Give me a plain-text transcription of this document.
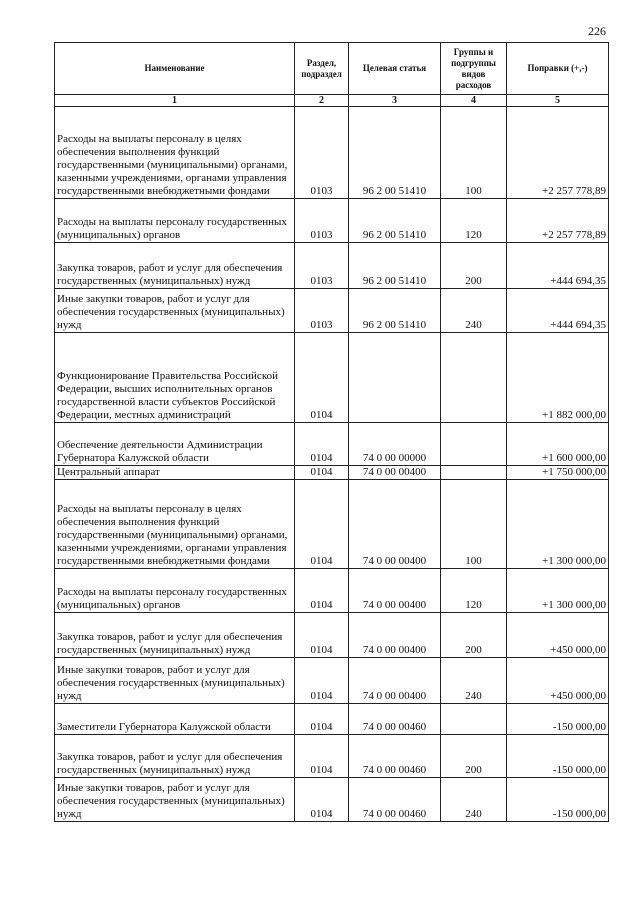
226
Наименование	Раздел, подраздел	Целевая статья	Группы и подгруппы видов расходов	Поправки (+,-)
1	2	3	4	5
Расходы на выплаты персоналу в целях обеспечения выполнения функций государственными (муниципальными) органами, казенными учреждениями, органами управления государственными внебюджетными фондами	0103	96 2 00 51410	100	+2 257 778,89
Расходы на выплаты персоналу государственных (муниципальных) органов	0103	96 2 00 51410	120	+2 257 778,89
Закупка товаров, работ и услуг для обеспечения государственных (муниципальных) нужд	0103	96 2 00 51410	200	+444 694,35
Иные закупки товаров, работ и услуг для обеспечения государственных (муниципальных) нужд	0103	96 2 00 51410	240	+444 694,35
Функционирование Правительства Российской Федерации, высших исполнительных органов государственной власти субъектов Российской Федерации, местных администраций	0104			+1 882 000,00
Обеспечение деятельности Администрации Губернатора Калужской области	0104	74 0 00 00000		+1 600 000,00
Центральный аппарат	0104	74 0 00 00400		+1 750 000,00
Расходы на выплаты персоналу в целях обеспечения выполнения функций государственными (муниципальными) органами, казенными учреждениями, органами управления государственными внебюджетными фондами	0104	74 0 00 00400	100	+1 300 000,00
Расходы на выплаты персоналу государственных (муниципальных) органов	0104	74 0 00 00400	120	+1 300 000,00
Закупка товаров, работ и услуг для обеспечения государственных (муниципальных) нужд	0104	74 0 00 00400	200	+450 000,00
Иные закупки товаров, работ и услуг для обеспечения государственных (муниципальных) нужд	0104	74 0 00 00400	240	+450 000,00
Заместители Губернатора Калужской области	0104	74 0 00 00460		-150 000,00
Закупка товаров, работ и услуг для обеспечения государственных (муниципальных) нужд	0104	74 0 00 00460	200	-150 000,00
Иные закупки товаров, работ и услуг для обеспечения государственных (муниципальных) нужд	0104	74 0 00 00460	240	-150 000,00
